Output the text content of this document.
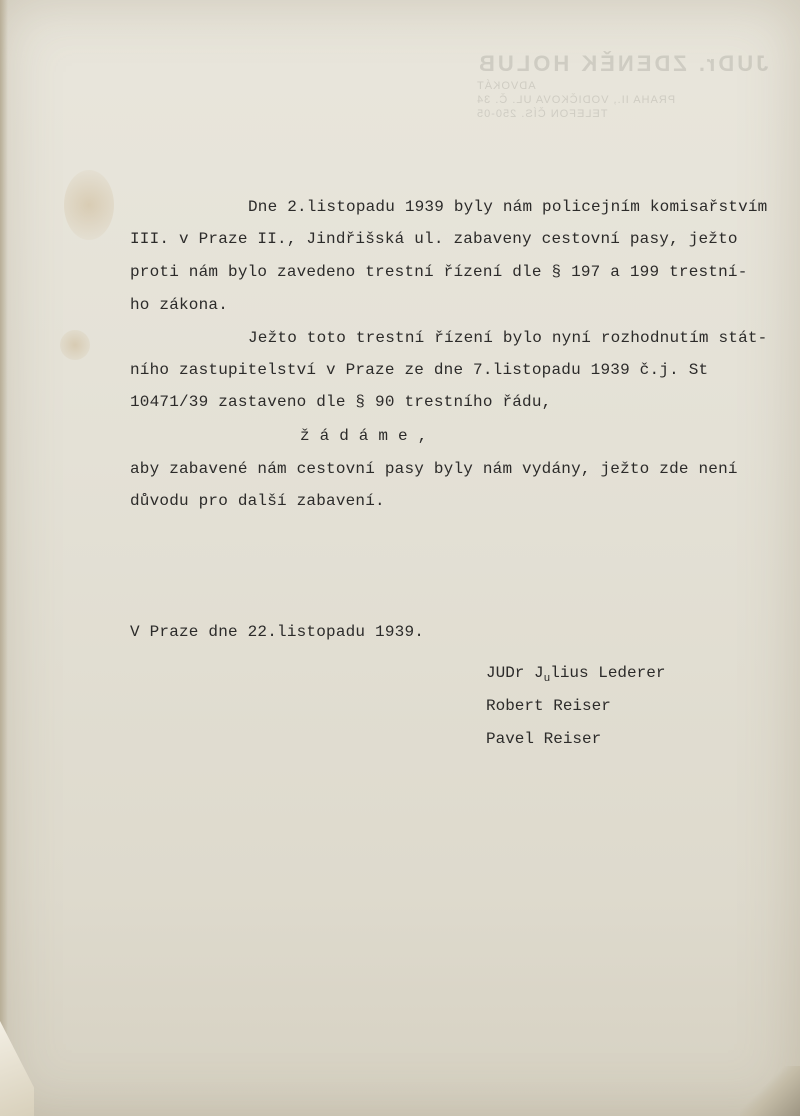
JUDr. ZDENĚK HOLUB
ADVOKÁT
PRAHA II., VODIČKOVA UL. Č. 34
TELEFON ČÍS. 250-05
Dne 2.listopadu 1939 byly nám policejním komisařstvím
III. v Praze II., Jindřišská ul. zabaveny cestovní pasy, ježto
proti nám bylo zavedeno trestní řízení dle § 197 a 199 trestní-
ho zákona.
Ježto toto trestní řízení bylo nyní rozhodnutím stát-
ního zastupitelství v Praze ze dne 7.listopadu 1939 č.j. St
10471/39 zastaveno dle § 90 trestního řádu,
ž á d á m e ,
aby zabavené nám cestovní pasy byly nám vydány, ježto zde není
důvodu pro další zabavení.
V Praze dne 22.listopadu 1939.
JUDr $J_ulius$ Lederer
Robert Reiser
Pavel Reiser
